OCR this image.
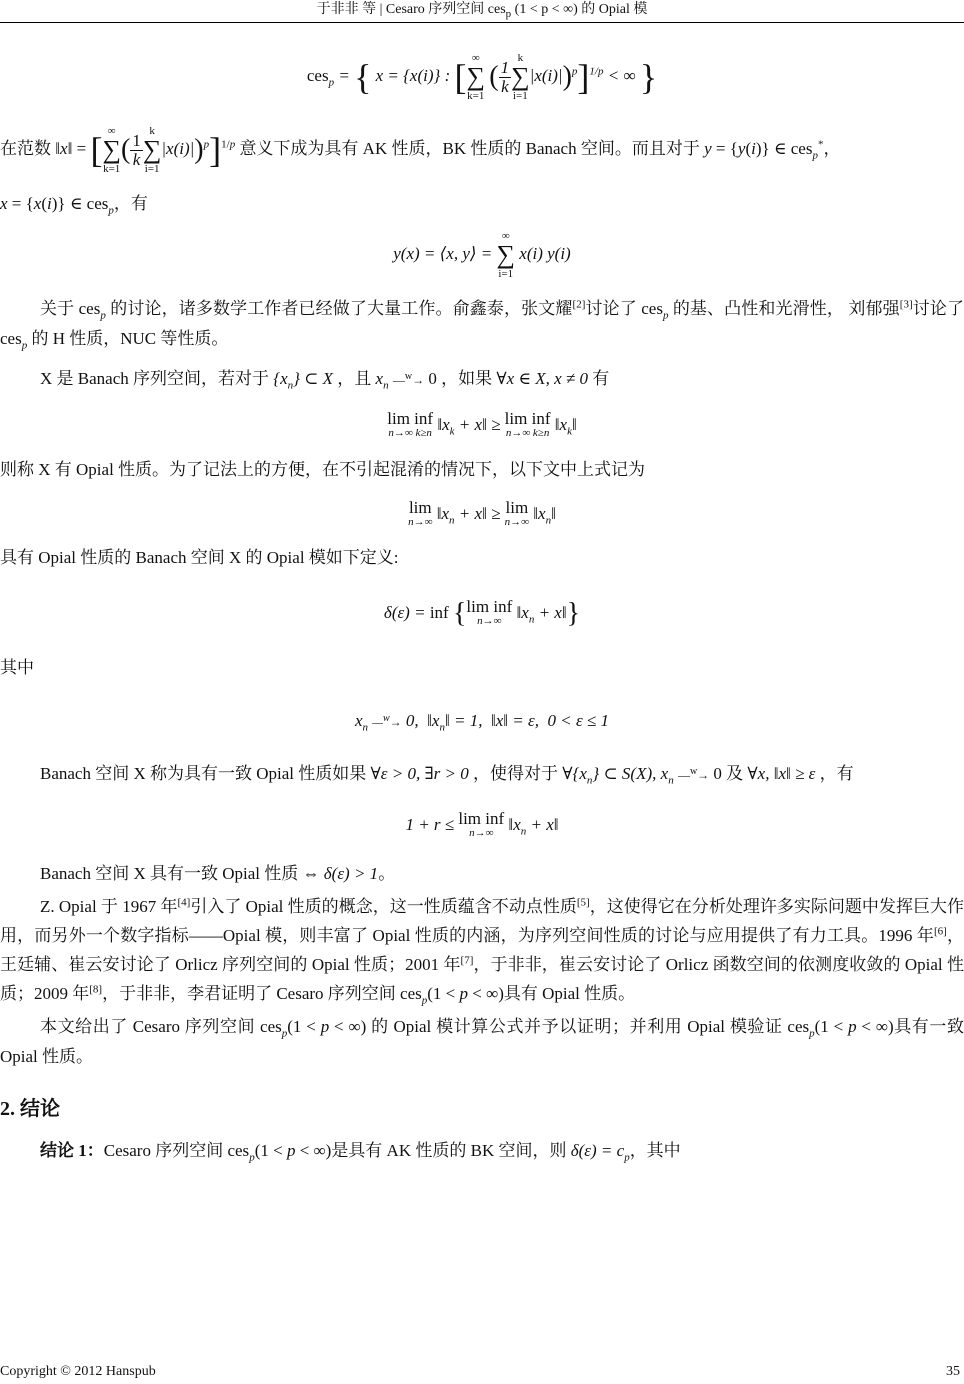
于非非 等 | Cesaro 序列空间 ces$_p$ (1 < p < ∞) 的 Opial 模
ces$_p$ = { x = {x(i)} : [ ∞
∑
k=1
( $\frac{1}{k}$
k
∑
i=1
|x(i)|)$^p$]$^{1/p}$ < ∞ }

在范数 ‖x‖ = [ ∞
∑
k=1
( $\frac{1}{k}$
k
∑
i=1
|x(i)|)$^p$]$^{1/p}$ 意义下成为具有 AK 性质，BK 性质的 Banach 空间。而且对于 y = {y(i)} ∈ ces$_p$*，
x = {x(i)} ∈ ces$_p$，有

y(x) = ⟨x, y⟩ =
∞
∑
i=1
x(i) y(i)

关于 ces$_p$ 的讨论，诸多数学工作者已经做了大量工作。俞鑫泰，张文耀[2]讨论了 ces$_p$ 的基、凸性和光滑性， 刘郁强[3]讨论了 ces$_p$ 的 H 性质，NUC 等性质。

X 是 Banach 序列空间，若对于 $\{x_n\}$ ⊂ X ，且 $x_n$ —$^w$→ 0 ，如果 ∀x ∈ X, x ≠ 0 有

lim inf
n→∞ k≥n $‖x_k$ + x‖ ≥ lim inf
n→∞ k≥n $‖x_k‖$

则称 X 有 Opial 性质。为了记法上的方便，在不引起混淆的情况下，以下文中上式记为

lim
n→∞ $‖x_n$ + x‖ ≥ lim
n→∞ $‖x_n‖$

具有 Opial 性质的 Banach 空间 X 的 Opial 模如下定义:

δ(ε) = inf { lim inf
n→∞ $‖x_n$ + x‖}

其中

$x_n$ —$^w$→ 0,  $‖x_n‖ = 1$,  ‖x‖ = ε,  0 < ε ≤ 1

Banach 空间 X 称为具有一致 Opial 性质如果 ∀ε > 0, ∃r > 0 ，使得对于 $\forall\{x_n\}$ ⊂ S(X), $x_n$ —$^w$→ 0 及 ∀x, ‖x‖ ≥ ε ，有

1 + r ≤ lim inf
n→∞ $‖x_n$ + x‖

Banach 空间 X 具有一致 Opial 性质 ⇔ δ(ε) > 1。

Z. Opial 于 1967 年[4]引入了 Opial 性质的概念，这一性质蕴含不动点性质[5]，这使得它在分析处理许多实际问题中发挥巨大作用，而另外一个数字指标——Opial 模，则丰富了 Opial 性质的内涵，为序列空间性质的讨论与应用提供了有力工具。1996 年[6]，王廷辅、崔云安讨论了 Orlicz 序列空间的 Opial 性质；2001 年[7]，于非非，崔云安讨论了 Orlicz 函数空间的依测度收敛的 Opial 性质；2009 年[8]，于非非，李君证明了 Cesaro 序列空间 ces$_p$(1 < p < ∞)具有 Opial 性质。

本文给出了 Cesaro 序列空间 ces$_p$(1 < p < ∞) 的 Opial 模计算公式并予以证明；并利用 Opial 模验证 ces$_p$(1 < p < ∞)具有一致 Opial 性质。

2. 结论

结论 1：Cesaro 序列空间 ces$_p$(1 < p < ∞)是具有 AK 性质的 BK 空间，则 $\delta(\varepsilon) = c_p$，其中

Copyright © 2012 Hanspub	35
